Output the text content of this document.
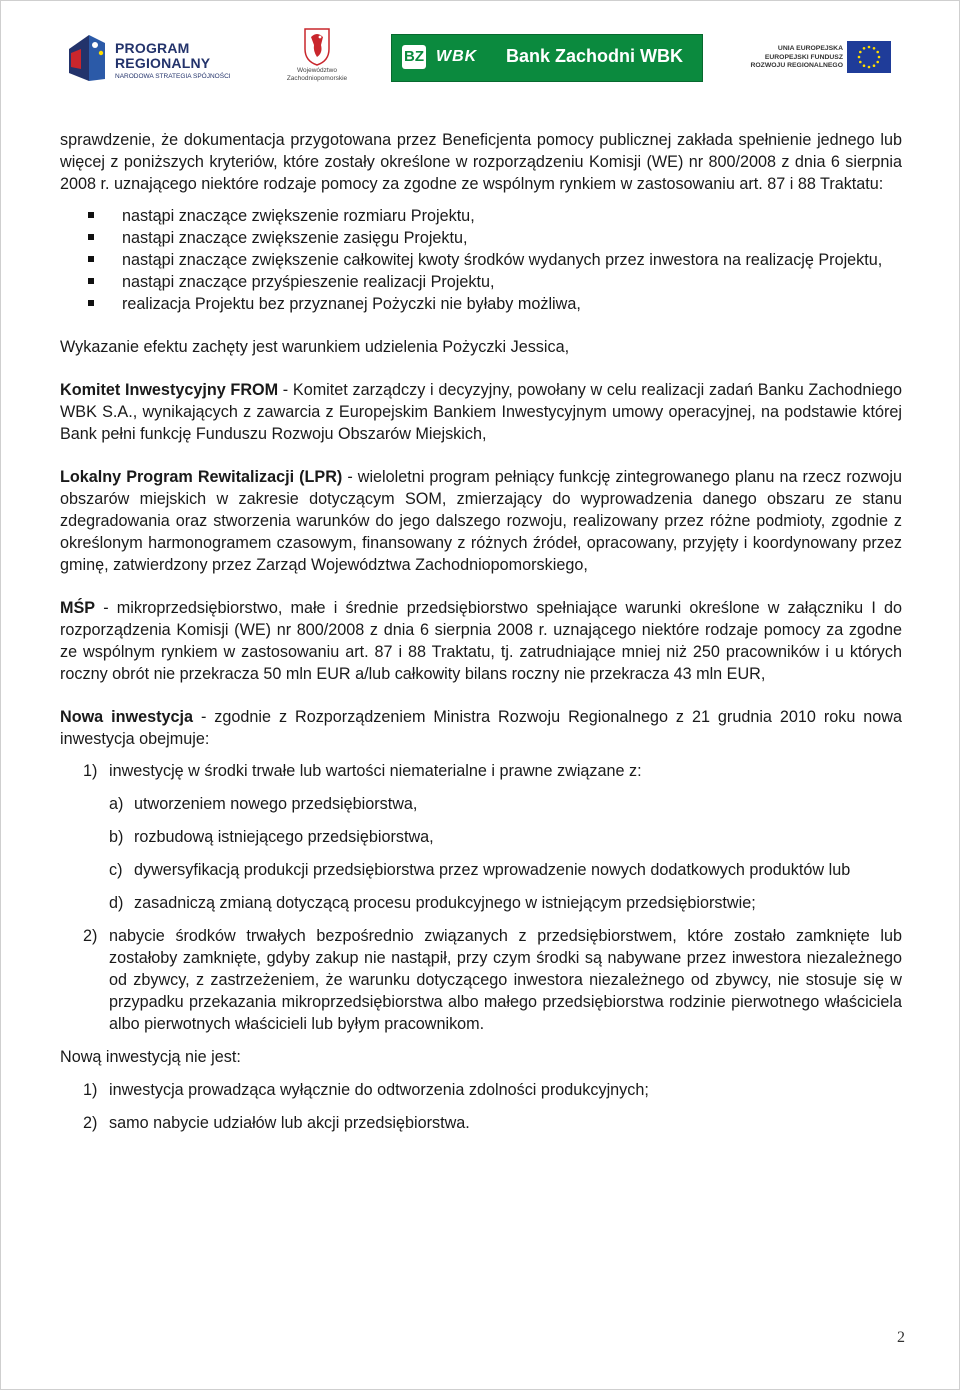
PROGRAM
REGIONALNY
NARODOWA STRATEGIA SPÓJNOŚCI
Województwo
Zachodniopomorskie
BZ WBK Bank Zachodni WBK	UNIA EUROPEJSKA
EUROPEJSKI FUNDUSZ
ROZWOJU REGIONALNEGO

sprawdzenie, że dokumentacja przygotowana przez Beneficjenta pomocy publicznej zakłada spełnienie jednego lub więcej z poniższych kryteriów, które zostały określone w rozporządzeniu Komisji (WE) nr 800/2008 z dnia 6 sierpnia 2008 r. uznającego niektóre rodzaje pomocy za zgodne ze wspólnym rynkiem w zastosowaniu art. 87 i 88 Traktatu:

nastąpi znaczące zwiększenie rozmiaru Projektu,
nastąpi znaczące zwiększenie zasięgu Projektu,
nastąpi znaczące zwiększenie całkowitej kwoty środków wydanych przez inwestora na realizację Projektu,
nastąpi znaczące przyśpieszenie realizacji Projektu,
realizacja Projektu bez przyznanej Pożyczki nie byłaby możliwa,

Wykazanie efektu zachęty jest warunkiem udzielenia Pożyczki Jessica,

Komitet Inwestycyjny FROM - Komitet zarządczy i decyzyjny, powołany w celu realizacji zadań Banku Zachodniego WBK S.A., wynikających z zawarcia z Europejskim Bankiem Inwestycyjnym umowy operacyjnej, na podstawie której Bank pełni funkcję Funduszu Rozwoju Obszarów Miejskich,

Lokalny Program Rewitalizacji (LPR) - wieloletni program pełniący funkcję zintegrowanego planu na rzecz rozwoju obszarów miejskich w zakresie dotyczącym SOM, zmierzający do wyprowadzenia danego obszaru ze stanu zdegradowania oraz stworzenia warunków do jego dalszego rozwoju, realizowany przez różne podmioty, zgodnie z określonym harmonogramem czasowym, finansowany z różnych źródeł, opracowany, przyjęty i koordynowany przez gminę, zatwierdzony przez Zarząd Województwa Zachodniopomorskiego,

MŚP - mikroprzedsiębiorstwo, małe i średnie przedsiębiorstwo spełniające warunki określone w załączniku I do rozporządzenia Komisji (WE) nr 800/2008 z dnia 6 sierpnia 2008 r. uznającego niektóre rodzaje pomocy za zgodne ze wspólnym rynkiem w zastosowaniu art. 87 i 88 Traktatu, tj. zatrudniające mniej niż 250 pracowników i u których roczny obrót nie przekracza 50 mln EUR a/lub całkowity bilans roczny nie przekracza 43 mln EUR,

Nowa inwestycja - zgodnie z Rozporządzeniem Ministra Rozwoju Regionalnego z 21 grudnia 2010 roku nowa inwestycja obejmuje:

1) inwestycję w środki trwałe lub wartości niematerialne i prawne związane z:
a) utworzeniem nowego przedsiębiorstwa,
b) rozbudową istniejącego przedsiębiorstwa,
c) dywersyfikacją produkcji przedsiębiorstwa przez wprowadzenie nowych dodatkowych produktów lub
d) zasadniczą zmianą dotyczącą procesu produkcyjnego w istniejącym przedsiębiorstwie;
2) nabycie środków trwałych bezpośrednio związanych z przedsiębiorstwem, które zostało zamknięte lub zostałoby zamknięte, gdyby zakup nie nastąpił, przy czym środki są nabywane przez inwestora niezależnego od zbywcy, z zastrzeżeniem, że warunku dotyczącego inwestora niezależnego od zbywcy, nie stosuje się w przypadku przekazania mikroprzedsiębiorstwa albo małego przedsiębiorstwa rodzinie pierwotnego właściciela albo pierwotnych właścicieli lub byłym pracownikom.

Nową inwestycją nie jest:

1) inwestycja prowadząca wyłącznie do odtworzenia zdolności produkcyjnych;
2) samo nabycie udziałów lub akcji przedsiębiorstwa.
2
